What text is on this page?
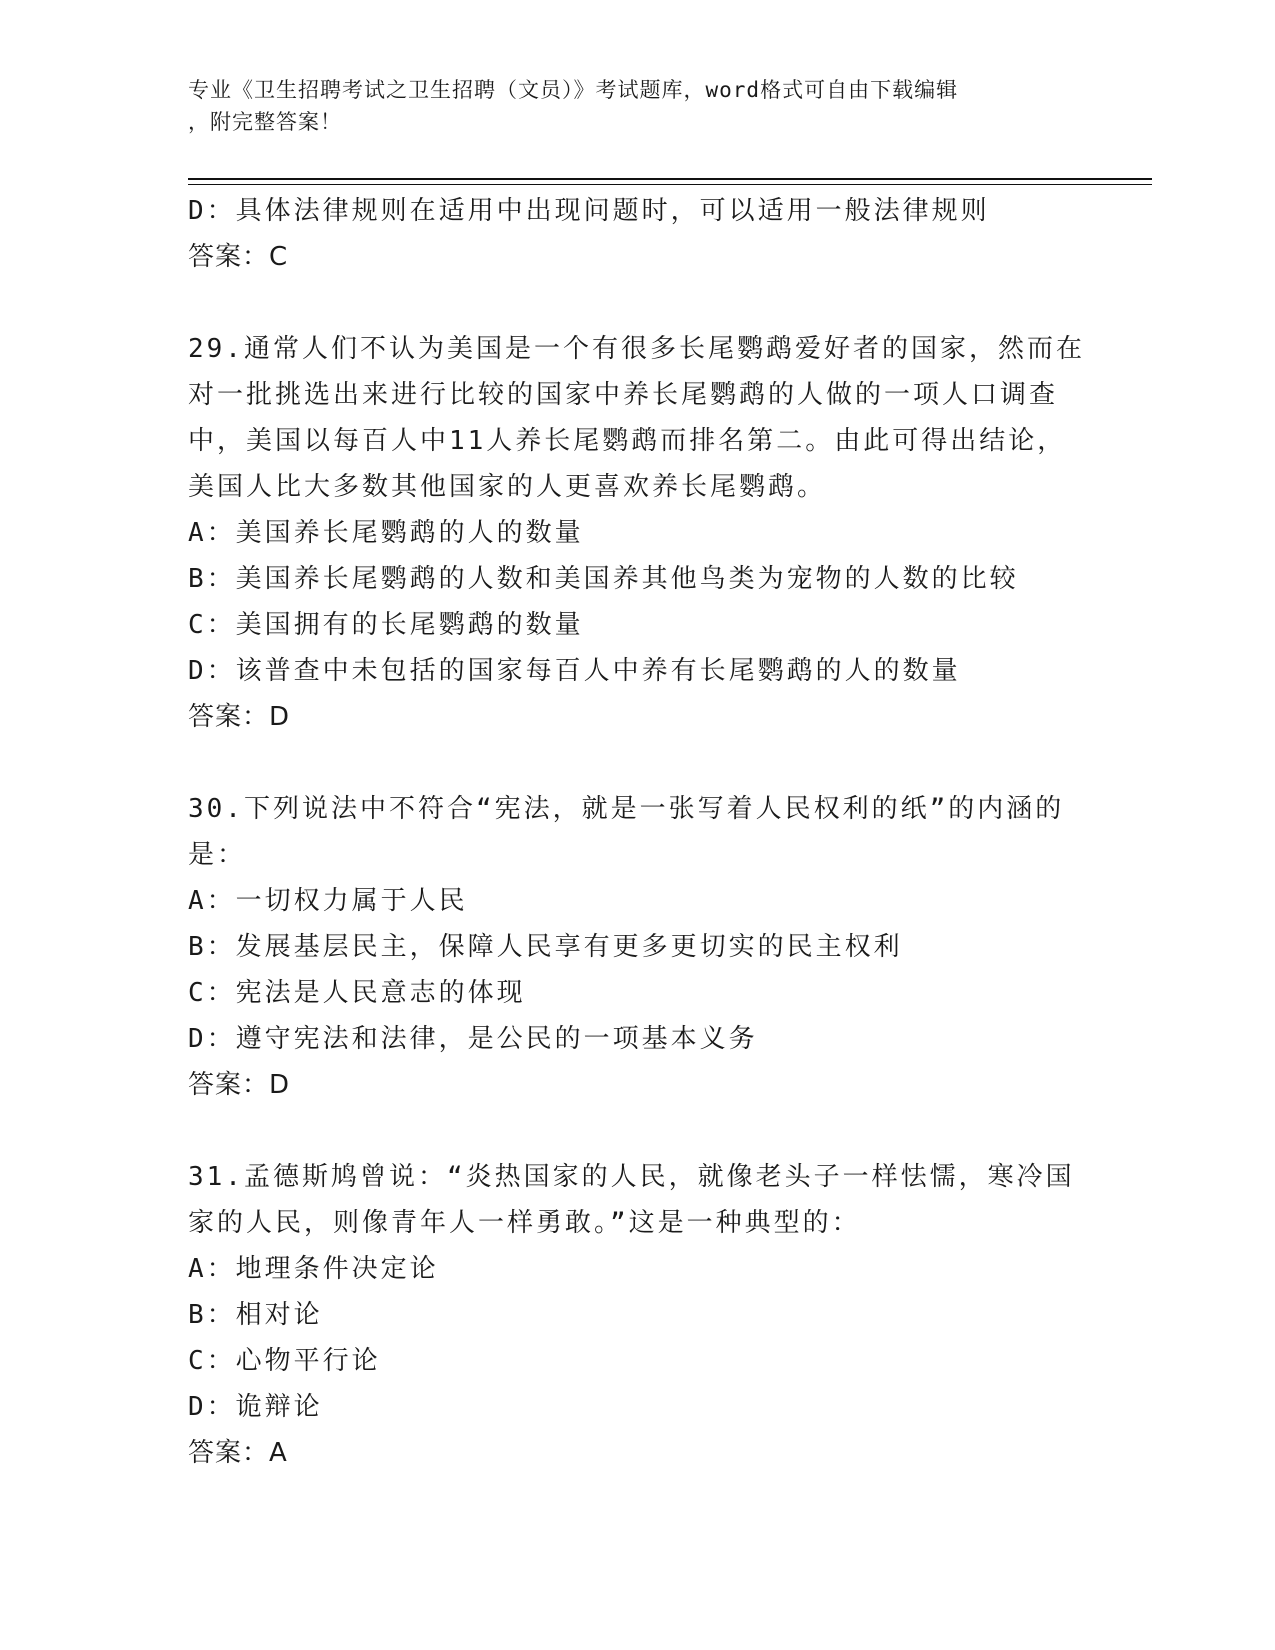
专业《卫生招聘考试之卫生招聘（文员）》考试题库，word格式可自由下载编辑
，附完整答案！
D：具体法律规则在适用中出现问题时，可以适用一般法律规则
答案：C
29.通常人们不认为美国是一个有很多长尾鹦鹉爱好者的国家，然而在
对一批挑选出来进行比较的国家中养长尾鹦鹉的人做的一项人口调查
中，美国以每百人中11人养长尾鹦鹉而排名第二。由此可得出结论，
美国人比大多数其他国家的人更喜欢养长尾鹦鹉。
A：美国养长尾鹦鹉的人的数量
B：美国养长尾鹦鹉的人数和美国养其他鸟类为宠物的人数的比较
C：美国拥有的长尾鹦鹉的数量
D：该普查中未包括的国家每百人中养有长尾鹦鹉的人的数量
答案：D
30.下列说法中不符合“宪法，就是一张写着人民权利的纸”的内涵的
是：
A：一切权力属于人民
B：发展基层民主，保障人民享有更多更切实的民主权利
C：宪法是人民意志的体现
D：遵守宪法和法律，是公民的一项基本义务
答案：D
31.孟德斯鸠曾说：“炎热国家的人民，就像老头子一样怯懦，寒冷国
家的人民，则像青年人一样勇敢。”这是一种典型的：
A：地理条件决定论
B：相对论
C：心物平行论
D：诡辩论
答案：A
